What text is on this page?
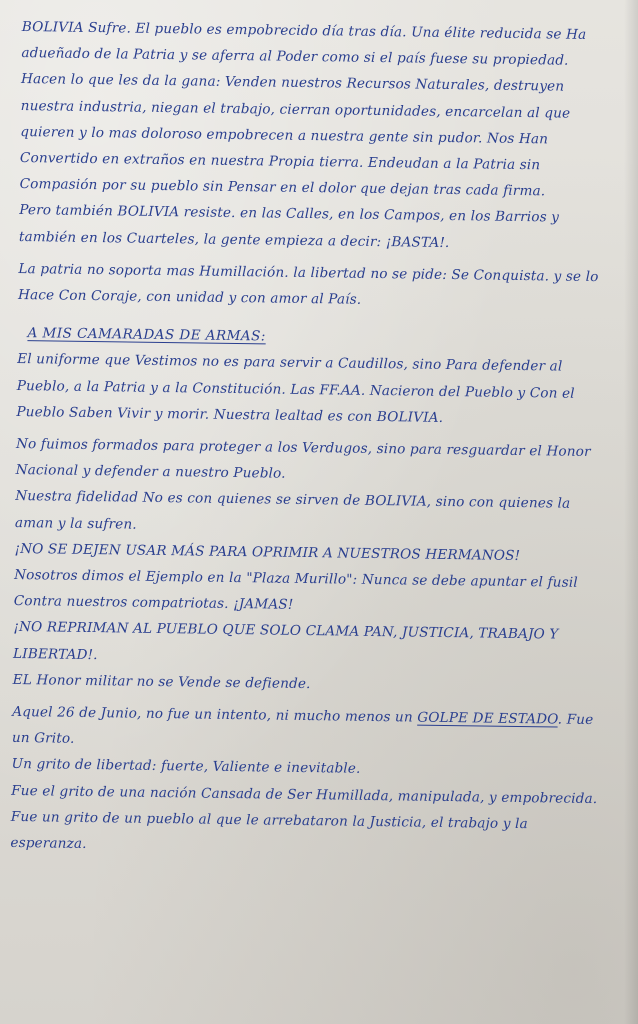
BOLIVIA Sufre. El pueblo es empobrecido día tras día. Una élite reducida se Ha adueñado de la Patria y se aferra al Poder como si el país fuese su propiedad. Hacen lo que les da la gana: Venden nuestros Recursos Naturales, destruyen nuestra industria, niegan el trabajo, cierran oportunidades, encarcelan al que quieren y lo mas doloroso empobrecen a nuestra gente sin pudor. Nos Han Convertido en extraños en nuestra Propia tierra. Endeudan a la Patria sin Compasión por su pueblo sin Pensar en el dolor que dejan tras cada firma.

Pero también BOLIVIA resiste. en las Calles, en los Campos, en los Barrios y también en los Cuarteles, la gente empieza a decir: ¡BASTA!.

La patria no soporta mas Humillación. la libertad no se pide: Se Conquista. y se lo Hace Con Coraje, con unidad y con amor al País.

A MIS CAMARADAS DE ARMAS:

El uniforme que Vestimos no es para servir a Caudillos, sino Para defender al Pueblo, a la Patria y a la Constitución. Las FF.AA. Nacieron del Pueblo y Con el Pueblo Saben Vivir y morir. Nuestra lealtad es con BOLIVIA.

No fuimos formados para proteger a los Verdugos, sino para resguardar el Honor Nacional y defender a nuestro Pueblo.

Nuestra fidelidad No es con quienes se sirven de BOLIVIA, sino con quienes la aman y la sufren.

¡NO SE DEJEN USAR MÁS PARA OPRIMIR A NUESTROS HERMANOS!

Nosotros dimos el Ejemplo en la "Plaza Murillo": Nunca se debe apuntar el fusil Contra nuestros compatriotas. ¡JAMAS!

¡NO REPRIMAN AL PUEBLO QUE SOLO CLAMA PAN, JUSTICIA, TRABAJO Y LIBERTAD!.

EL Honor militar no se Vende se defiende.

Aquel 26 de Junio, no fue un intento, ni mucho menos un GOLPE DE ESTADO. Fue un Grito.

Un grito de libertad: fuerte, Valiente e inevitable.

Fue el grito de una nación Cansada de Ser Humillada, manipulada, y empobrecida.

Fue un grito de un pueblo al que le arrebataron la Justicia, el trabajo y la esperanza.
